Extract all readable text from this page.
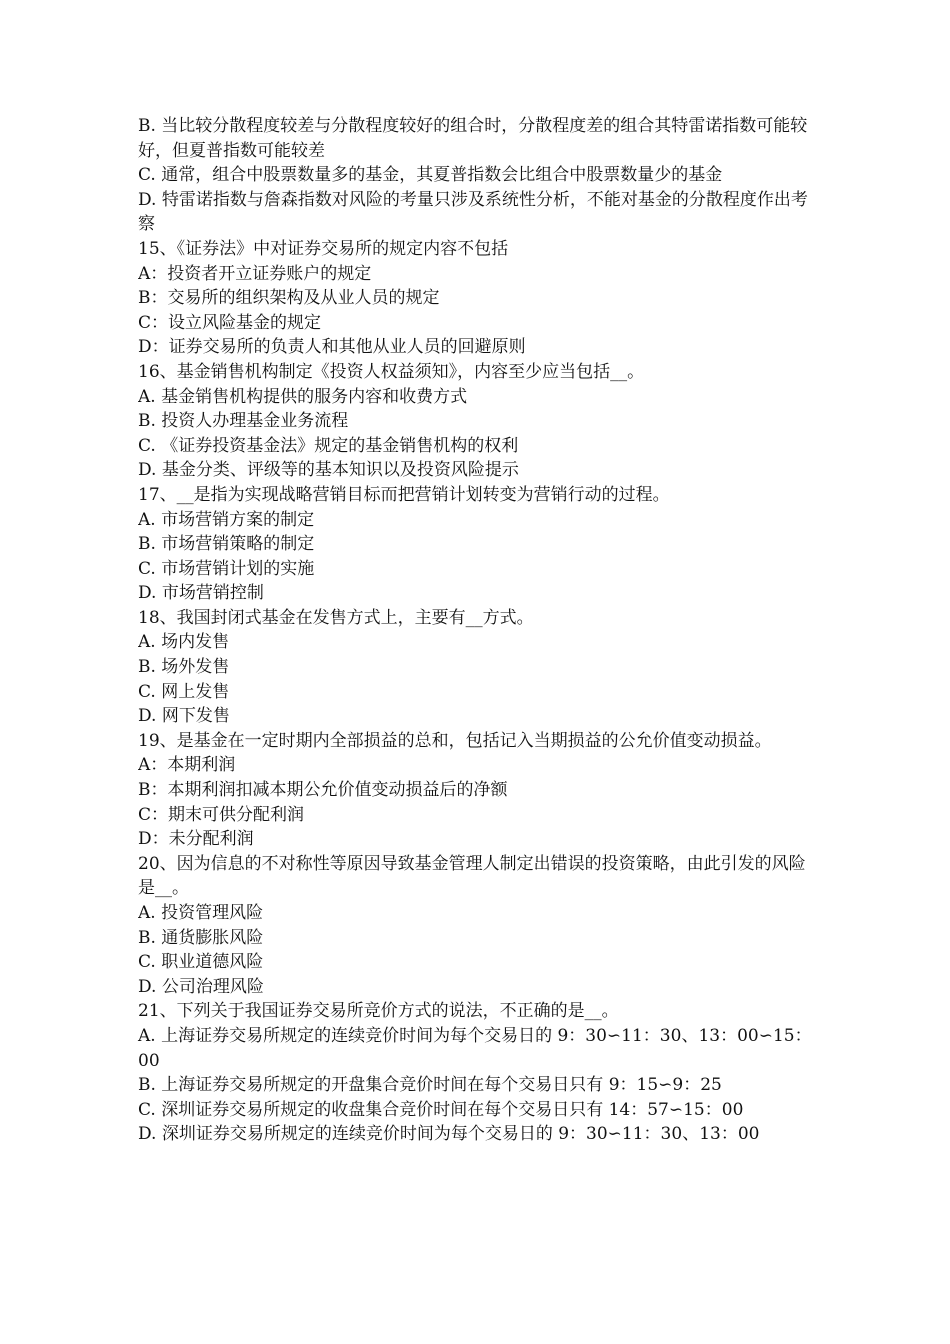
B. 当比较分散程度较差与分散程度较好的组合时，分散程度差的组合其特雷诺指数可能较好，但夏普指数可能较差
C. 通常，组合中股票数量多的基金，其夏普指数会比组合中股票数量少的基金
D. 特雷诺指数与詹森指数对风险的考量只涉及系统性分析，不能对基金的分散程度作出考察
15、《证券法》中对证券交易所的规定内容不包括
A：投资者开立证券账户的规定
B：交易所的组织架构及从业人员的规定
C：设立风险基金的规定
D：证券交易所的负责人和其他从业人员的回避原则
16、基金销售机构制定《投资人权益须知》，内容至少应当包括__。
A. 基金销售机构提供的服务内容和收费方式
B. 投资人办理基金业务流程
C. 《证券投资基金法》规定的基金销售机构的权利
D. 基金分类、评级等的基本知识以及投资风险提示
17、__是指为实现战略营销目标而把营销计划转变为营销行动的过程。
A. 市场营销方案的制定
B. 市场营销策略的制定
C. 市场营销计划的实施
D. 市场营销控制
18、我国封闭式基金在发售方式上，主要有__方式。
A. 场内发售
B. 场外发售
C. 网上发售
D. 网下发售
19、是基金在一定时期内全部损益的总和，包括记入当期损益的公允价值变动损益。
A：本期利润
B：本期利润扣减本期公允价值变动损益后的净额
C：期末可供分配利润
D：未分配利润
20、因为信息的不对称性等原因导致基金管理人制定出错误的投资策略，由此引发的风险是__。
A. 投资管理风险
B. 通货膨胀风险
C. 职业道德风险
D. 公司治理风险
21、下列关于我国证券交易所竞价方式的说法，不正确的是__。
A. 上海证券交易所规定的连续竞价时间为每个交易日的 9：30∽11：30、13：00∽15：00
B. 上海证券交易所规定的开盘集合竞价时间在每个交易日只有 9：15∽9：25
C. 深圳证券交易所规定的收盘集合竞价时间在每个交易日只有 14：57∽15：00
D. 深圳证券交易所规定的连续竞价时间为每个交易日的 9：30∽11：30、13：00
